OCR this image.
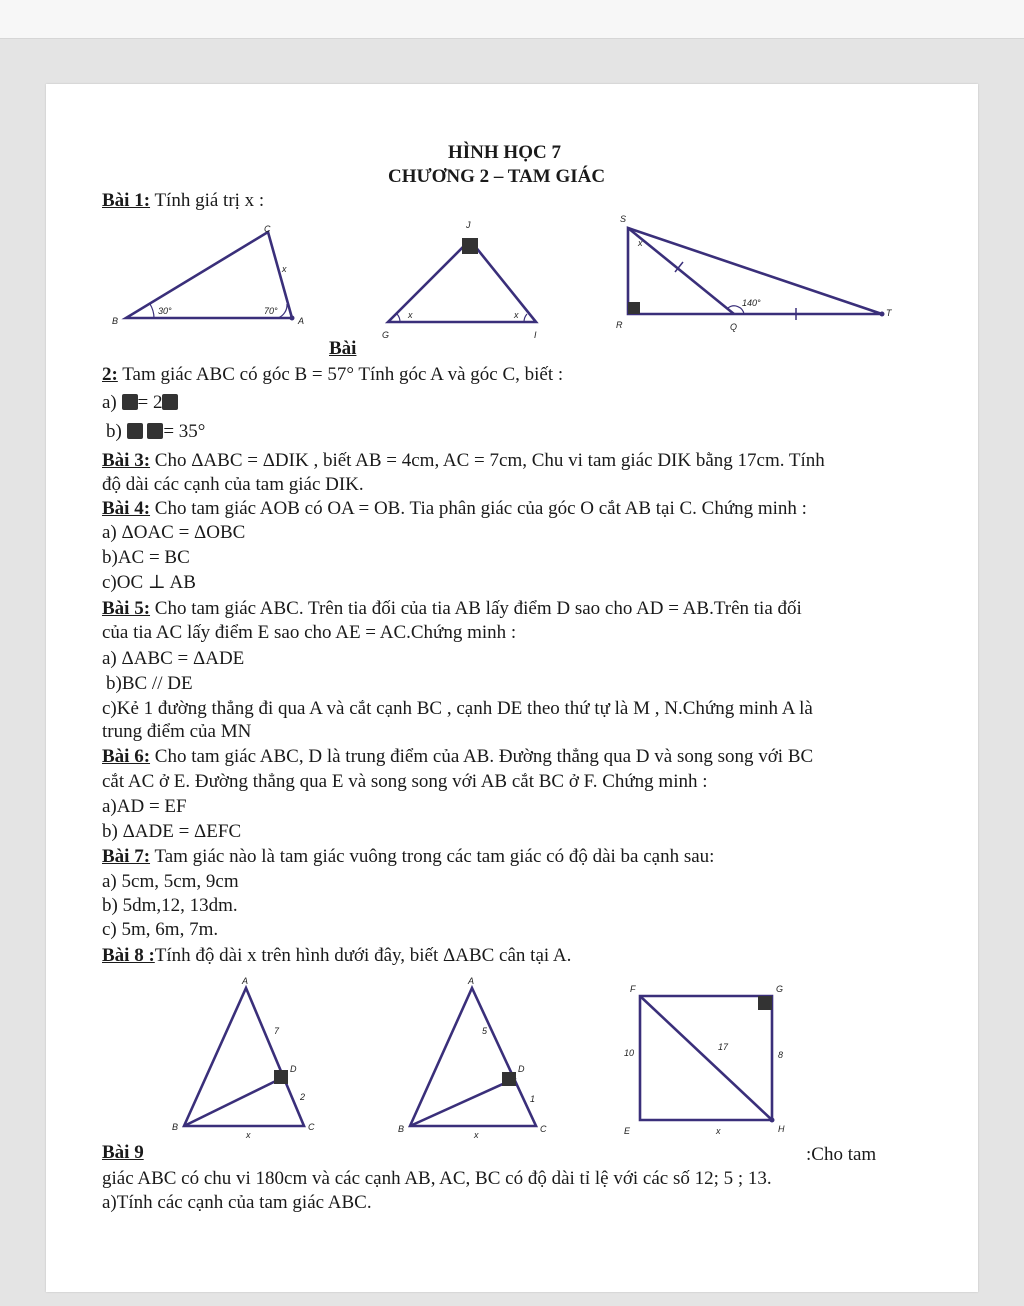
HÌNH HỌC 7
CHƯƠNG 2 – TAM GIÁC
Bài 1: Tính giá trị x :
C
B	A
30°	70°
x
J
G	I
x	x
S
R	Q
T
140°
x
Bài
2: Tam giác ABC có góc B = 57° Tính góc A và góc C, biết :
a) = 2
b)  = 35°
Bài 3: Cho ΔABC = ΔDIK , biết AB = 4cm, AC = 7cm, Chu vi tam giác DIK bằng 17cm. Tính
độ dài các cạnh của tam giác DIK.
Bài 4: Cho tam giác AOB có OA = OB. Tia phân giác của góc O cắt AB tại C. Chứng minh :
a) ΔOAC = ΔOBC
b)AC = BC
c)OC ⊥ AB
Bài 5: Cho tam giác ABC. Trên tia đối của tia AB lấy điểm D sao cho AD = AB.Trên tia đối
của tia AC lấy điểm E sao cho AE = AC.Chứng minh :
a) ΔABC = ΔADE
b)BC // DE
c)Kẻ 1 đường thẳng đi qua A và cắt cạnh BC , cạnh DE theo thứ tự là M , N.Chứng minh A là
trung điểm của MN
Bài 6: Cho tam giác ABC, D là trung điểm của AB. Đường thẳng qua D và song song với BC
cắt AC ở E. Đường thẳng qua E và song song với AB cắt BC ở F. Chứng minh :
a)AD = EF
b) ΔADE = ΔEFC
Bài 7: Tam giác nào là tam giác vuông trong các tam giác có độ dài ba cạnh sau:
a) 5cm, 5cm, 9cm
b) 5dm,12, 13dm.
c) 5m, 6m, 7m.
Bài 8 :Tính độ dài x trên hình dưới đây, biết ΔABC cân tại A.
A
D
B	C
7
2
x
A
D
B	C
5
1
x
F	G
E	H
10
17
8
x
Bài 9	:Cho tam
giác ABC có chu vi 180cm và các cạnh AB, AC, BC có độ dài tỉ lệ với các số 12; 5 ; 13.
a)Tính các cạnh của tam giác ABC.
